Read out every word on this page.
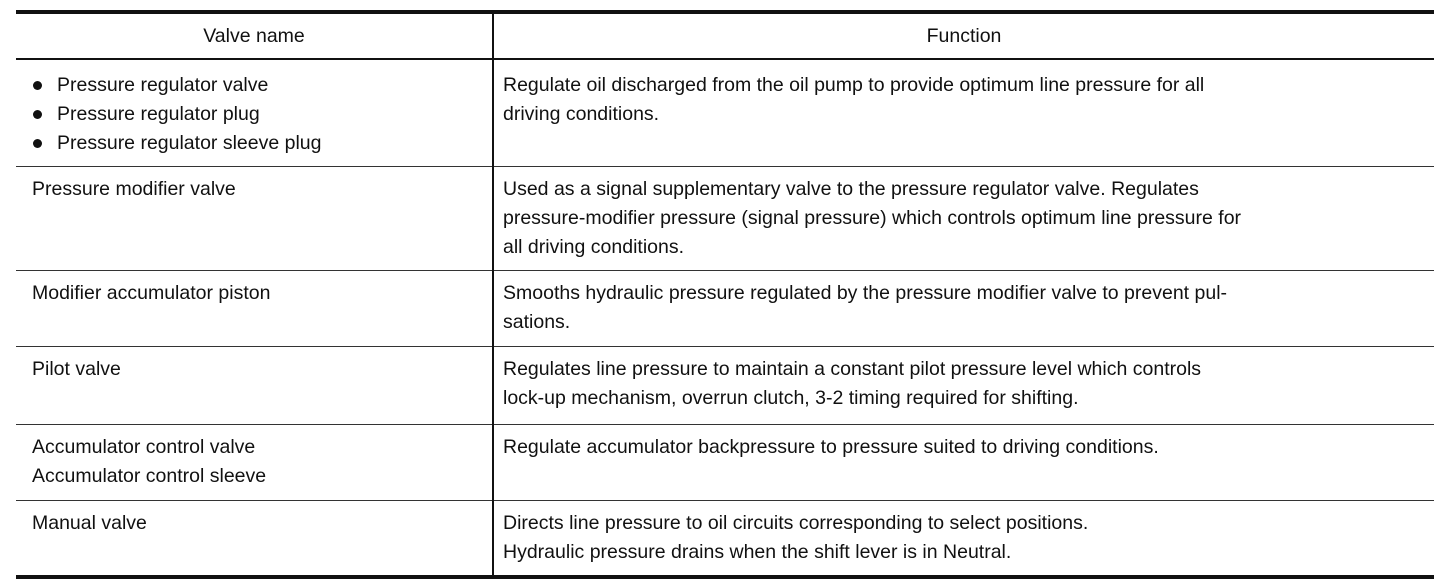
Valve name	Function

Pressure regulator valve
Pressure regulator plug
Pressure regulator sleeve plug	Regulate oil discharged from the oil pump to provide optimum line pressure for all
driving conditions.

Pressure modifier valve	Used as a signal supplementary valve to the pressure regulator valve. Regulates
pressure-modifier pressure (signal pressure) which controls optimum line pressure for
all driving conditions.

Modifier accumulator piston	Smooths hydraulic pressure regulated by the pressure modifier valve to prevent pul-
sations.

Pilot valve	Regulates line pressure to maintain a constant pilot pressure level which controls
lock-up mechanism, overrun clutch, 3-2 timing required for shifting.

Accumulator control valve
Accumulator control sleeve	Regulate accumulator backpressure to pressure suited to driving conditions.

Manual valve	Directs line pressure to oil circuits corresponding to select positions.
Hydraulic pressure drains when the shift lever is in Neutral.
